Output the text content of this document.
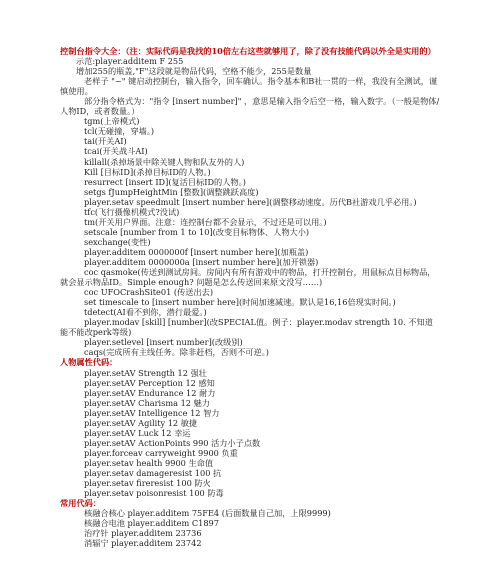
控制台指令大全：（注：实际代码是我找的10倍左右这些就够用了，除了没有技能代码以外全是实用的）
示范:player.additem F 255
增加255的瓶盖,"F"这段就是物品代码，空格不能少，255是数量
老样子 "~" 键启动控制台，输入指令，回车确认。指令基本和B社一贯的一样，我没有全测试，谨慎使用。
部分指令格式为："指令 [insert number]" ，意思是输入指令后空一格，输入数字。（一般是物体/人物ID，或者数量。）
tgm(上帝模式)
tcl(无碰撞，穿墙。)
tai(开关AI)
tcai(开关战斗AI)
killall(杀掉场景中除关键人物和队友外的人)
Kill [目标ID](杀掉目标ID的人物。)
resurrect [insert ID](复活目标ID的人物。)
setgs fJumpHeightMin [整数](调整跳跃高度)
player.setav speedmult [insert number here](调整移动速度。历代B社游戏几乎必用。)
tfc(飞行摄像机模式?没试)
tm(开关用户界面。注意：连控制台都不会显示，不过还是可以用。)
setscale [number from 1 to 10](改变目标物体、人物大小)
sexchange(变性)
player.additem 0000000f [insert number here](加瓶盖)
player.additem 0000000a [insert number here](加开锁器)
coc qasmoke(传送到测试房间。房间内有所有游戏中的物品，打开控制台，用鼠标点目标物品，就会显示物品ID。Simple enough? 问题是怎么传送回来原文没写……)
coc UFOCrashSite01 (传送出去)
set timescale to [insert number here](时间加速减速。默认是16,16倍现实时间。)
tdetect(AI看不到你，潜行最爱。)
player.modav [skill] [number](改SPECIAL值。例子：player.modav strength 10. 不知道能不能改perk等级)
player.setlevel [insert number](改级别)
caqs(完成所有主线任务。除非赶档，否则不可逆。)
人物属性代码：
player.setAV Strength 12 强壮
player.setAV Perception 12 感知
player.setAV Endurance 12 耐力
player.setAV Charisma 12 魅力
player.setAV Intelligence 12 智力
player.setAV Agility 12 敏捷
player.setAV Luck 12 幸运
player.setAV ActionPoints 990 活力小子点数
player.forceav carryweight 9900 负重
player.setav health 9900 生命值
player.setav damageresist 100 抗
player.setav fireresist 100 防火
player.setav poisonresist 100 防毒
常用代码：
核融合核心 player.additem 75FE4 (后面数量自己加，上限9999)
核融合电池 player.additem C1897
治疗针 player.additem 23736
消辐宁 player.additem 23742
